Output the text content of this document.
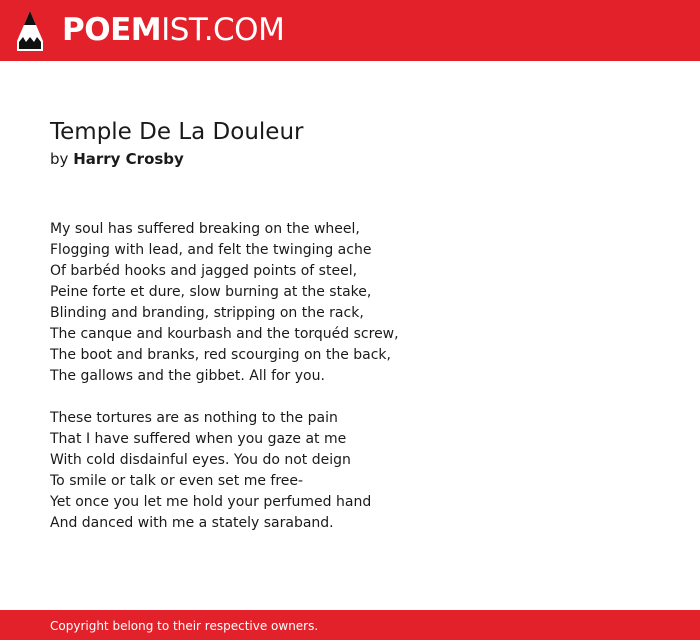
POEMIST.COM
Temple De La Douleur
by Harry Crosby
My soul has suffered breaking on the wheel,
Flogging with lead, and felt the twinging ache
Of barbéd hooks and jagged points of steel,
Peine forte et dure, slow burning at the stake,
Blinding and branding, stripping on the rack,
The canque and kourbash and the torquéd screw,
The boot and branks, red scourging on the back,
The gallows and the gibbet. All for you.
These tortures are as nothing to the pain
That I have suffered when you gaze at me
With cold disdainful eyes. You do not deign
To smile or talk or even set me free-
Yet once you let me hold your perfumed hand
And danced with me a stately saraband.
Copyright belong to their respective owners.
